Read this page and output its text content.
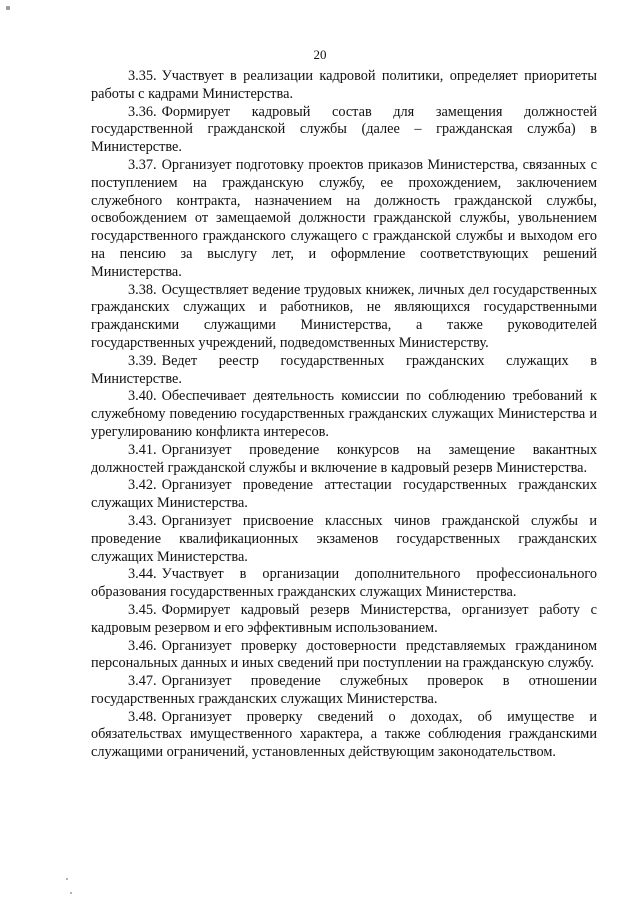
20

3.35. Участвует в реализации кадровой политики, определяет приоритеты работы с кадрами Министерства.

3.36. Формирует кадровый состав для замещения должностей государственной гражданской службы (далее – гражданская служба) в Министерстве.

3.37. Организует подготовку проектов приказов Министерства, связанных с поступлением на гражданскую службу, ее прохождением, заключением служебного контракта, назначением на должность гражданской службы, освобождением от замещаемой должности гражданской службы, увольнением государственного гражданского служащего с гражданской службы и выходом его на пенсию за выслугу лет, и оформление соответствующих решений Министерства.

3.38. Осуществляет ведение трудовых книжек, личных дел государственных гражданских служащих и работников, не являющихся государственными гражданскими служащими Министерства, а также руководителей государственных учреждений, подведомственных Министерству.

3.39. Ведет реестр государственных гражданских служащих в Министерстве.

3.40. Обеспечивает деятельность комиссии по соблюдению требований к служебному поведению государственных гражданских служащих Министерства и урегулированию конфликта интересов.

3.41. Организует проведение конкурсов на замещение вакантных должностей гражданской службы и включение в кадровый резерв Министерства.

3.42. Организует проведение аттестации государственных гражданских служащих Министерства.

3.43. Организует присвоение классных чинов гражданской службы и проведение квалификационных экзаменов государственных гражданских служащих Министерства.

3.44. Участвует в организации дополнительного профессионального образования государственных гражданских служащих Министерства.

3.45. Формирует кадровый резерв Министерства, организует работу с кадровым резервом и его эффективным использованием.

3.46. Организует проверку достоверности представляемых гражданином персональных данных и иных сведений при поступлении на гражданскую службу.

3.47. Организует проведение служебных проверок в отношении государственных гражданских служащих Министерства.

3.48. Организует проверку сведений о доходах, об имуществе и обязательствах имущественного характера, а также соблюдения гражданскими служащими ограничений, установленных действующим законодательством.
